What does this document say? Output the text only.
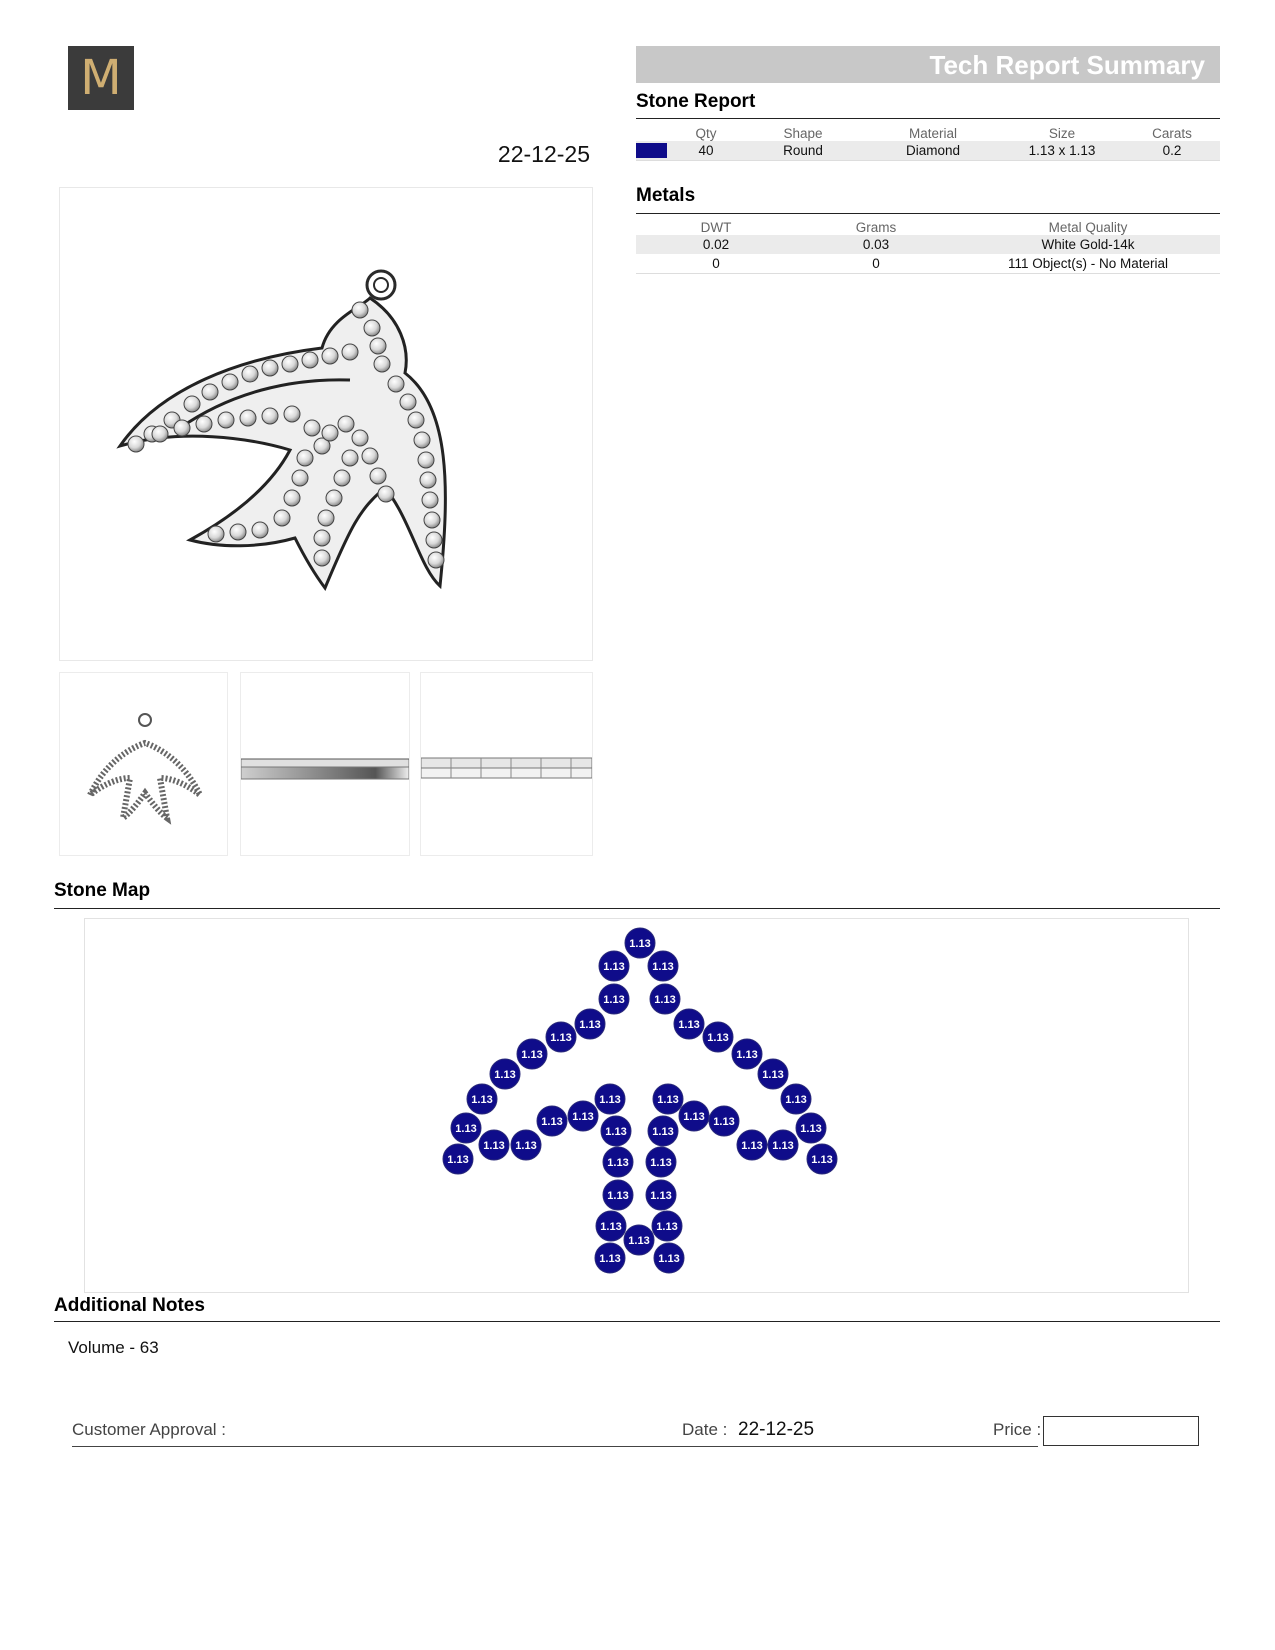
M
22-12-25
Tech Report Summary
Stone Report
	Qty	Shape	Material	Size	Carats
	40	Round	Diamond	1.13 x 1.13	0.2
Metals
DWT	Grams	Metal Quality
0.02	0.03	White Gold-14k
0	0	111 Object(s) - No Material
Stone Map
1.13
1.13	1.13
1.13	1.13
1.13	1.13
1.13	1.13
1.13	1.13
1.13	1.13
1.13	1.13
1.13	1.13
1.13	1.13
1.13	1.13
1.13	1.13
1.13 1.13
1.13	1.13
1.13 1.13	1.13 1.13
1.13 1.13
1.13 1.13
1.13	1.13
1.13
1.13	1.13
Additional Notes
Volume - 63
Customer Approval :	Date : 22-12-25	Price :
